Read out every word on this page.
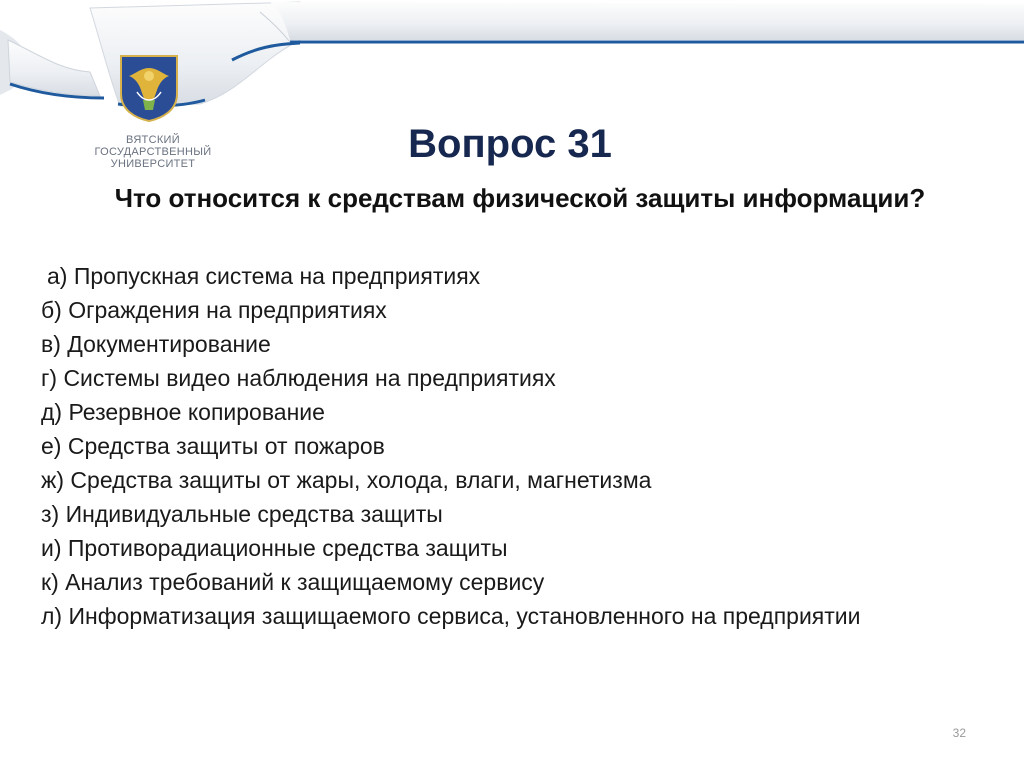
ВЯТСКИЙ
ГОСУДАРСТВЕННЫЙ
УНИВЕРСИТЕТ	Вопрос 31

Что относится к средствам физической защиты информации?

а) Пропускная система на предприятиях
б) Ограждения на предприятиях
в) Документирование
г) Системы видео наблюдения на предприятиях
д) Резервное копирование
е) Средства защиты от пожаров
ж) Средства защиты от жары, холода, влаги, магнетизма
з) Индивидуальные средства защиты
и) Противорадиационные средства защиты
к) Анализ требований к защищаемому сервису
л) Информатизация защищаемого сервиса, установленного на предприятии
32
